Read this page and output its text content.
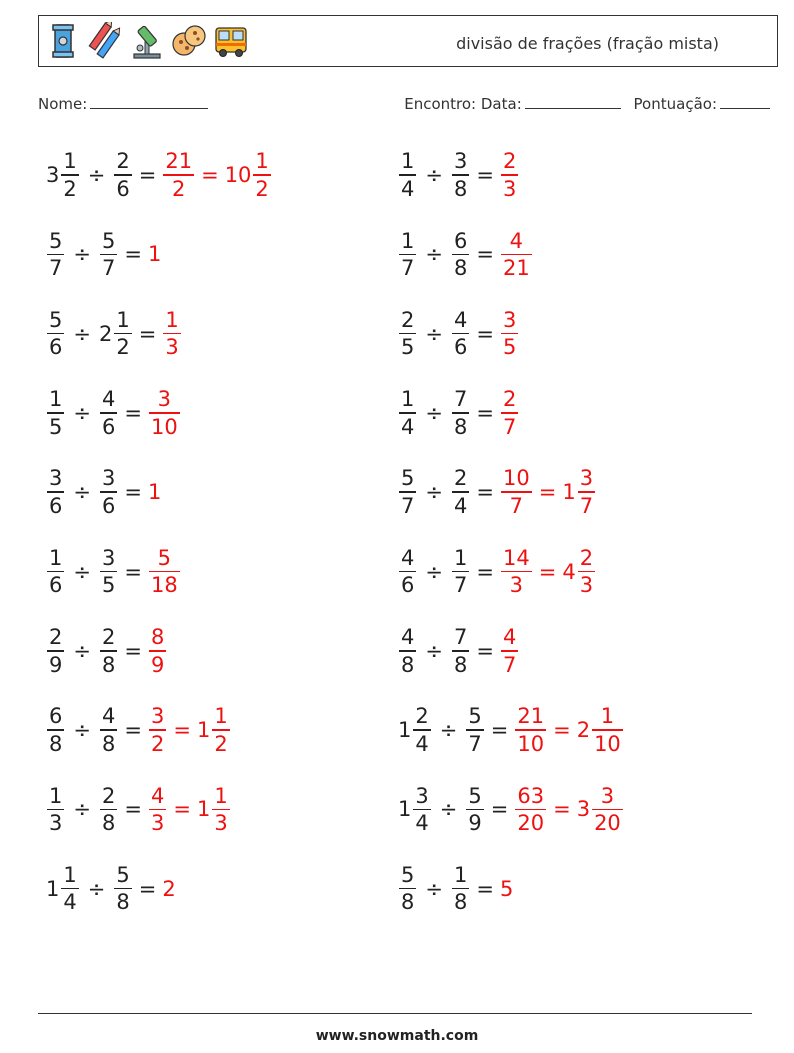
divisão de frações (fração mista)
Nome:	Encontro: Data:	Pontuação:
$3 \frac{1}{2} \div \frac{2}{6} = \frac{21}{2} = 10 \frac{1}{2}$	$\frac{1}{4} \div \frac{3}{8} = \frac{2}{3}$
$\frac{5}{7} \div \frac{5}{7} = 1$	$\frac{1}{7} \div \frac{6}{8} = \frac{4}{21}$
$\frac{5}{6} \div 2 \frac{1}{2} = \frac{1}{3}$	$\frac{2}{5} \div \frac{4}{6} = \frac{3}{5}$
$\frac{1}{5} \div \frac{4}{6} = \frac{3}{10}$	$\frac{1}{4} \div \frac{7}{8} = \frac{2}{7}$
$\frac{3}{6} \div \frac{3}{6} = 1$	$\frac{5}{7} \div \frac{2}{4} = \frac{10}{7} = 1 \frac{3}{7}$
$\frac{1}{6} \div \frac{3}{5} = \frac{5}{18}$	$\frac{4}{6} \div \frac{1}{7} = \frac{14}{3} = 4 \frac{2}{3}$
$\frac{2}{9} \div \frac{2}{8} = \frac{8}{9}$	$\frac{4}{8} \div \frac{7}{8} = \frac{4}{7}$
$\frac{6}{8} \div \frac{4}{8} = \frac{3}{2} = 1 \frac{1}{2}$	$1 \frac{2}{4} \div \frac{5}{7} = \frac{21}{10} = 2 \frac{1}{10}$
$\frac{1}{3} \div \frac{2}{8} = \frac{4}{3} = 1 \frac{1}{3}$	$1 \frac{3}{4} \div \frac{5}{9} = \frac{63}{20} = 3 \frac{3}{20}$
$1 \frac{1}{4} \div \frac{5}{8} = 2$	$\frac{5}{8} \div \frac{1}{8} = 5$
www.snowmath.com
